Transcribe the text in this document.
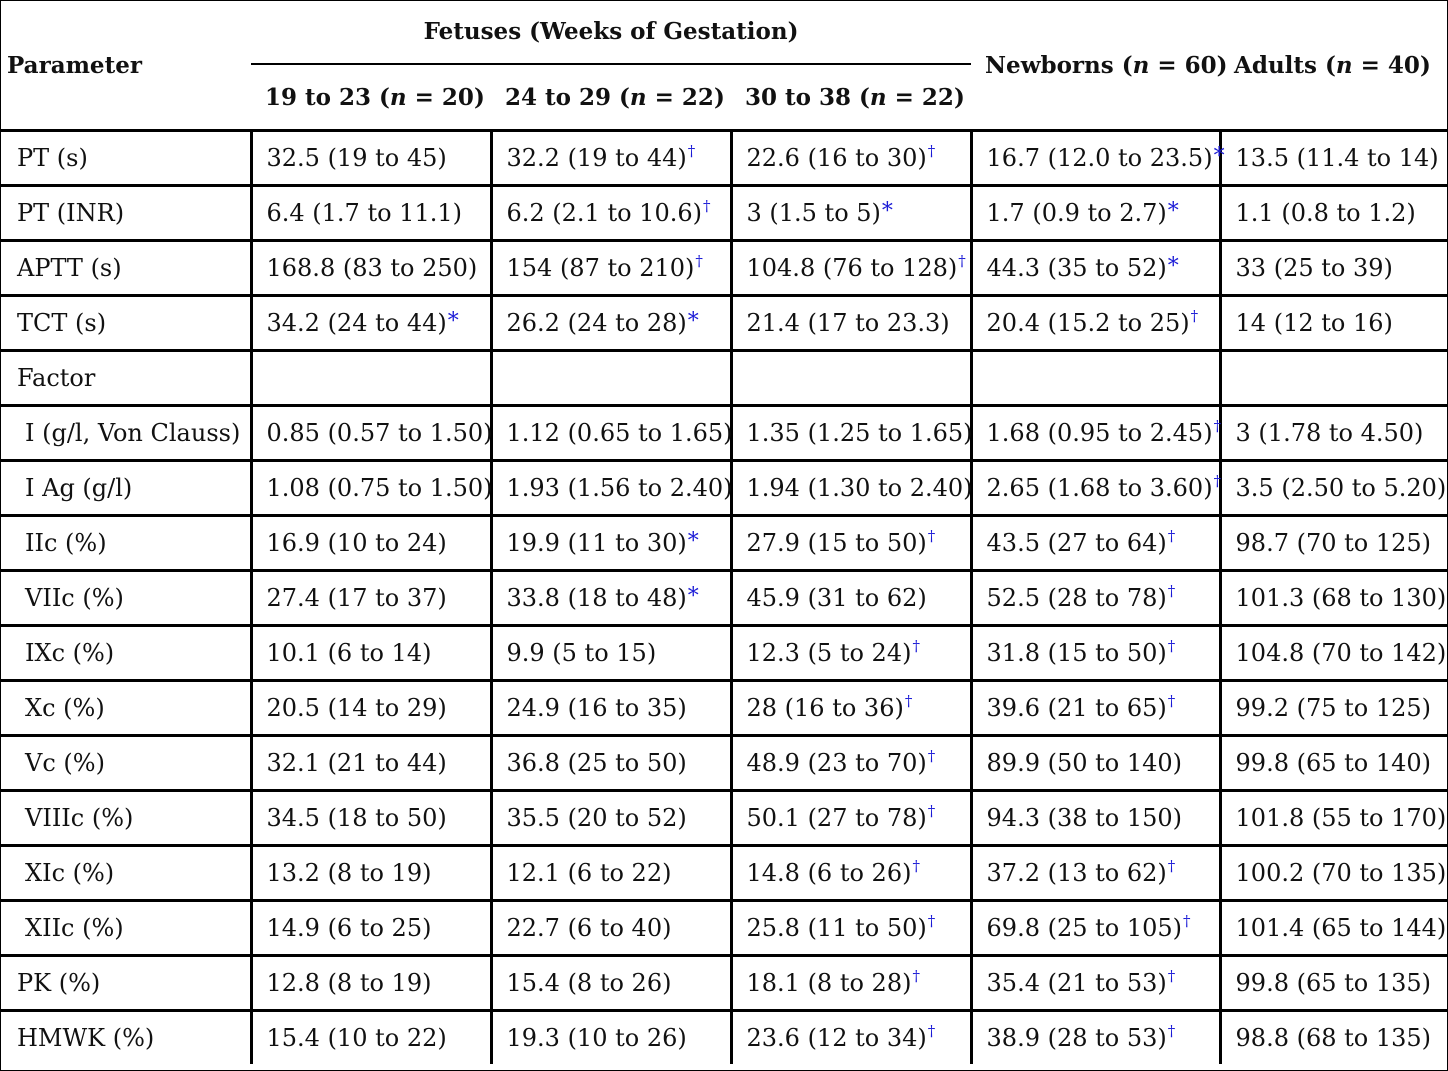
Parameter	Fetuses (Weeks of Gestation)			Newborns (n = 60)	Adults (n = 40)
	19 to 23 (n = 20)	24 to 29 (n = 22)	30 to 38 (n = 22)		
PT (s)	32.5 (19 to 45)	32.2 (19 to 44)†	22.6 (16 to 30)†	16.7 (12.0 to 23.5)*	13.5 (11.4 to 14)
PT (INR)	6.4 (1.7 to 11.1)	6.2 (2.1 to 10.6)†	3 (1.5 to 5)*	1.7 (0.9 to 2.7)*	1.1 (0.8 to 1.2)
APTT (s)	168.8 (83 to 250)	154 (87 to 210)†	104.8 (76 to 128)†	44.3 (35 to 52)*	33 (25 to 39)
TCT (s)	34.2 (24 to 44)*	26.2 (24 to 28)*	21.4 (17 to 23.3)	20.4 (15.2 to 25)†	14 (12 to 16)
Factor					
I (g/l, Von Clauss)	0.85 (0.57 to 1.50)	1.12 (0.65 to 1.65)	1.35 (1.25 to 1.65)	1.68 (0.95 to 2.45)†	3 (1.78 to 4.50)
I Ag (g/l)	1.08 (0.75 to 1.50)	1.93 (1.56 to 2.40)	1.94 (1.30 to 2.40)	2.65 (1.68 to 3.60)†	3.5 (2.50 to 5.20)
IIc (%)	16.9 (10 to 24)	19.9 (11 to 30)*	27.9 (15 to 50)†	43.5 (27 to 64)†	98.7 (70 to 125)
VIIc (%)	27.4 (17 to 37)	33.8 (18 to 48)*	45.9 (31 to 62)	52.5 (28 to 78)†	101.3 (68 to 130)
IXc (%)	10.1 (6 to 14)	9.9 (5 to 15)	12.3 (5 to 24)†	31.8 (15 to 50)†	104.8 (70 to 142)
Xc (%)	20.5 (14 to 29)	24.9 (16 to 35)	28 (16 to 36)†	39.6 (21 to 65)†	99.2 (75 to 125)
Vc (%)	32.1 (21 to 44)	36.8 (25 to 50)	48.9 (23 to 70)†	89.9 (50 to 140)	99.8 (65 to 140)
VIIIc (%)	34.5 (18 to 50)	35.5 (20 to 52)	50.1 (27 to 78)†	94.3 (38 to 150)	101.8 (55 to 170)
XIc (%)	13.2 (8 to 19)	12.1 (6 to 22)	14.8 (6 to 26)†	37.2 (13 to 62)†	100.2 (70 to 135)
XIIc (%)	14.9 (6 to 25)	22.7 (6 to 40)	25.8 (11 to 50)†	69.8 (25 to 105)†	101.4 (65 to 144)
PK (%)	12.8 (8 to 19)	15.4 (8 to 26)	18.1 (8 to 28)†	35.4 (21 to 53)†	99.8 (65 to 135)
HMWK (%)	15.4 (10 to 22)	19.3 (10 to 26)	23.6 (12 to 34)†	38.9 (28 to 53)†	98.8 (68 to 135)
